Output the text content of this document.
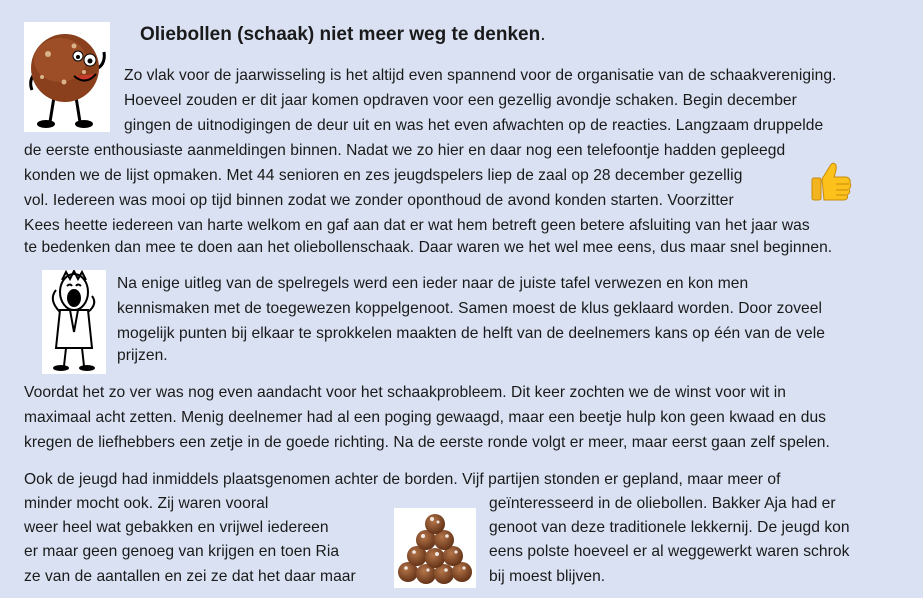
Oliebollen (schaak) niet meer weg te denken.
Zo vlak voor de jaarwisseling is het altijd even spannend voor de organisatie van de schaakvereniging.
Hoeveel zouden er dit jaar komen opdraven voor een gezellig avondje schaken. Begin december
gingen de uitnodigingen de deur uit en was het even afwachten op de reacties. Langzaam druppelde
de eerste enthousiaste aanmeldingen binnen. Nadat we zo hier en daar nog een telefoontje hadden gepleegd
konden we de lijst opmaken. Met 44 senioren en zes jeugdspelers liep de zaal op 28 december gezellig
vol. Iedereen was mooi op tijd binnen zodat we zonder oponthoud de avond konden starten. Voorzitter
Kees heette iedereen van harte welkom en gaf aan dat er wat hem betreft geen betere afsluiting van het jaar was
te bedenken dan mee te doen aan het oliebollenschaak. Daar waren we het wel mee eens, dus maar snel beginnen.
Na enige uitleg van de spelregels werd een ieder naar de juiste tafel verwezen en kon men
kennismaken met de toegewezen koppelgenoot. Samen moest de klus geklaard worden. Door zoveel
mogelijk punten bij elkaar te sprokkelen maakten de helft van de deelnemers kans op één van de vele
prijzen.
Voordat het zo ver was nog even aandacht voor het schaakprobleem. Dit keer zochten we de winst voor wit in
maximaal acht zetten. Menig deelnemer had al een poging gewaagd, maar een beetje hulp kon geen kwaad en dus
kregen de liefhebbers een zetje in de goede richting. Na de eerste ronde volgt er meer, maar eerst gaan zelf spelen.
Ook de jeugd had inmiddels plaatsgenomen achter de borden. Vijf partijen stonden er gepland, maar meer of
minder mocht ook. Zij waren vooral
weer heel wat gebakken en vrijwel iedereen
er maar geen genoeg van krijgen en toen Ria
ze van de aantallen en zei ze dat het daar maar
geïnteresseerd in de oliebollen. Bakker Aja had er
genoot van deze traditionele lekkernij. De jeugd kon
eens polste hoeveel er al weggewerkt waren schrok
bij moest blijven.
